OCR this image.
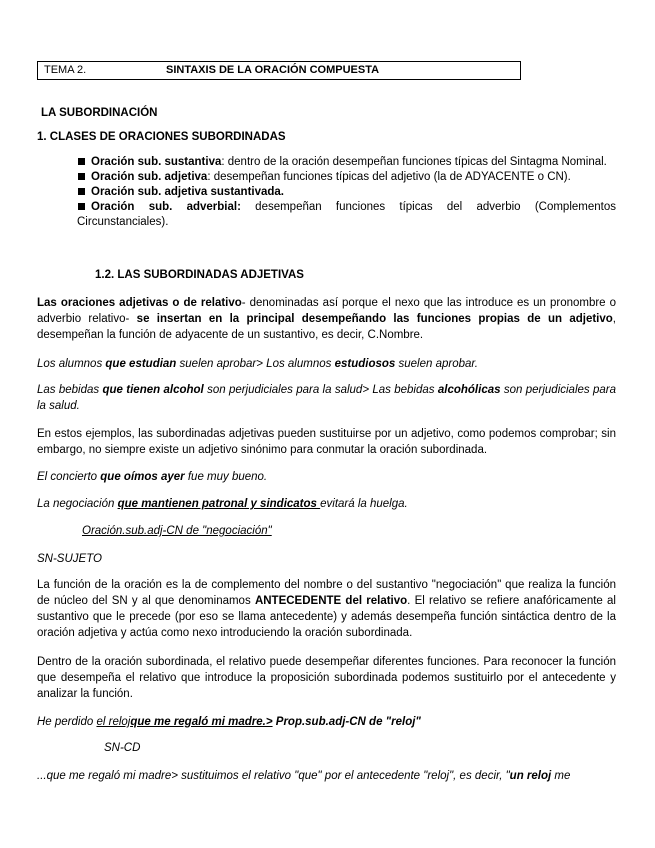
TEMA 2.	SINTAXIS DE LA ORACIÓN COMPUESTA
LA SUBORDINACIÓN
1. CLASES DE ORACIONES SUBORDINADAS

Oración sub. sustantiva: dentro de la oración desempeñan funciones típicas del Sintagma Nominal.

Oración sub. adjetiva: desempeñan funciones típicas del adjetivo (la de ADYACENTE o CN).

Oración sub. adjetiva sustantivada.

Oración sub. adverbial: desempeñan funciones típicas del adverbio (Complementos Circunstanciales).

1.2. LAS SUBORDINADAS ADJETIVAS
Las oraciones adjetivas o de relativo- denominadas así porque el nexo que las introduce es un pronombre o adverbio relativo- se insertan en la principal desempeñando las funciones propias de un adjetivo, desempeñan la función de adyacente de un sustantivo, es decir, C.Nombre.
Los alumnos que estudian suelen aprobar> Los alumnos estudiosos suelen aprobar.
Las bebidas que tienen alcohol son perjudiciales para la salud> Las bebidas alcohólicas son perjudiciales para la salud.
En estos ejemplos, las subordinadas adjetivas pueden sustituirse por un adjetivo, como podemos comprobar; sin embargo, no siempre existe un adjetivo sinónimo para conmutar la oración subordinada.
El concierto que oímos ayer fue muy bueno.
La negociación que mantienen patronal y sindicatos evitará la huelga.
Oración.sub.adj-CN de "negociación"
SN-SUJETO
La función de la oración es la de complemento del nombre o del sustantivo "negociación" que realiza la función de núcleo del SN y al que denominamos ANTECEDENTE del relativo. El relativo se refiere anafóricamente al sustantivo que le precede (por eso se llama antecedente) y además desempeña función sintáctica dentro de la oración adjetiva y actúa como nexo introduciendo la oración subordinada.
Dentro de la oración subordinada, el relativo puede desempeñar diferentes funciones. Para reconocer la función que desempeña el relativo que introduce la proposición subordinada podemos sustituirlo por el antecedente y analizar la función.
He perdido el relojque me regaló mi madre.> Prop.sub.adj-CN de "reloj"
SN-CD
...que me regaló mi madre> sustituimos el relativo "que" por el antecedente "reloj", es decir, "un reloj me
